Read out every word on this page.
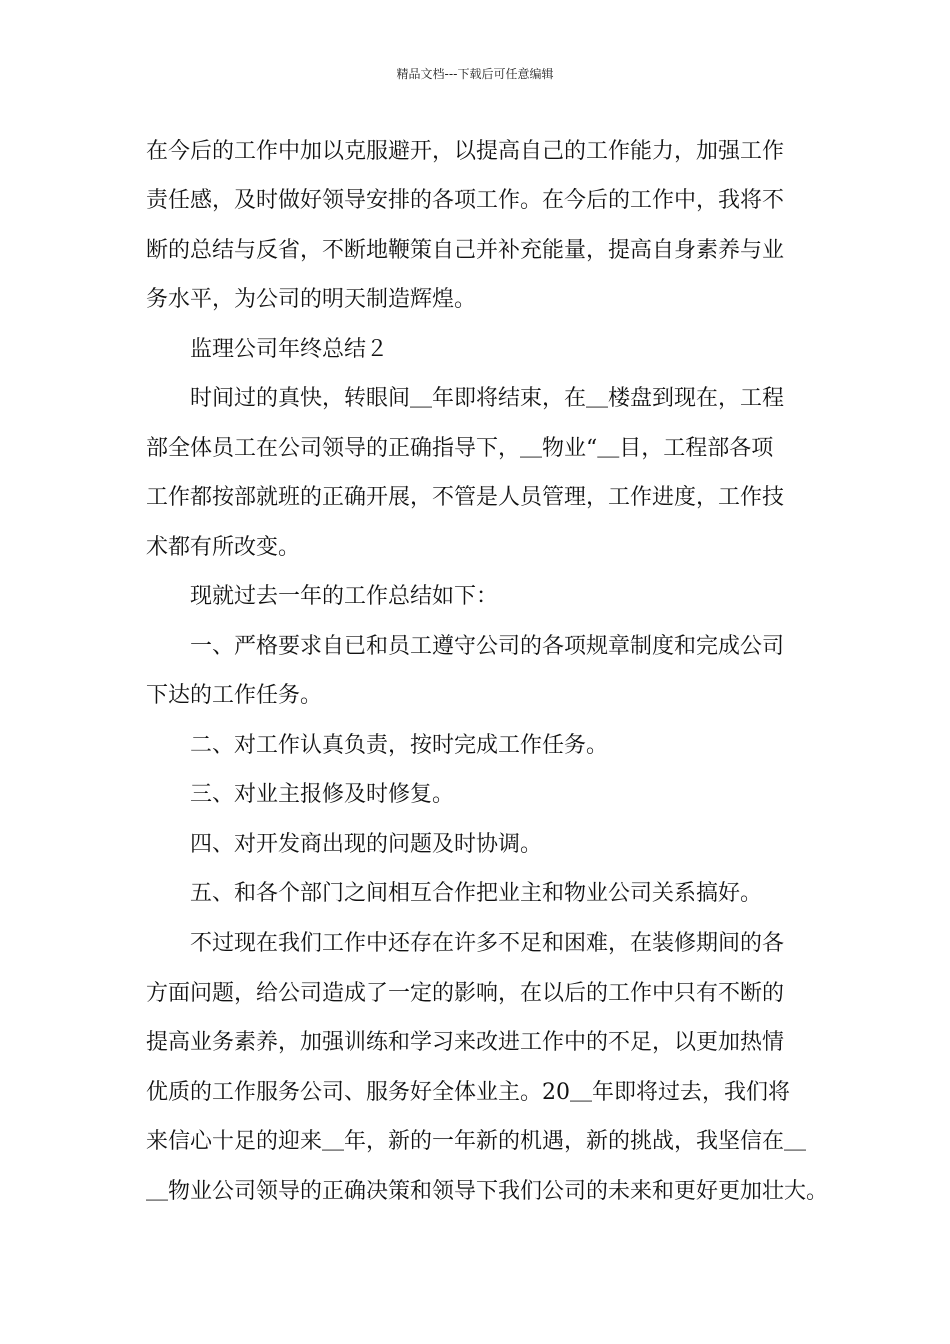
精品文档---下载后可任意编辑
在今后的工作中加以克服避开，以提高自己的工作能力，加强工作
责任感，及时做好领导安排的各项工作。在今后的工作中，我将不
断的总结与反省，不断地鞭策自己并补充能量，提高自身素养与业
务水平，为公司的明天制造辉煌。
　　监理公司年终总结２
　　时间过的真快，转眼间＿年即将结束，在＿楼盘到现在，工程
部全体员工在公司领导的正确指导下，＿物业“＿目，工程部各项
工作都按部就班的正确开展，不管是人员管理，工作进度，工作技
术都有所改变。
　　现就过去一年的工作总结如下：
　　一、严格要求自已和员工遵守公司的各项规章制度和完成公司
下达的工作任务。
　　二、对工作认真负责，按时完成工作任务。
　　三、对业主报修及时修复。
　　四、对开发商出现的问题及时协调。
　　五、和各个部门之间相互合作把业主和物业公司关系搞好。
　　不过现在我们工作中还存在许多不足和困难，在装修期间的各
方面问题，给公司造成了一定的影响，在以后的工作中只有不断的
提高业务素养，加强训练和学习来改进工作中的不足，以更加热情
优质的工作服务公司、服务好全体业主。20＿年即将过去，我们将
来信心十足的迎来＿年，新的一年新的机遇，新的挑战，我坚信在＿
＿物业公司领导的正确决策和领导下我们公司的未来和更好更加壮大。
